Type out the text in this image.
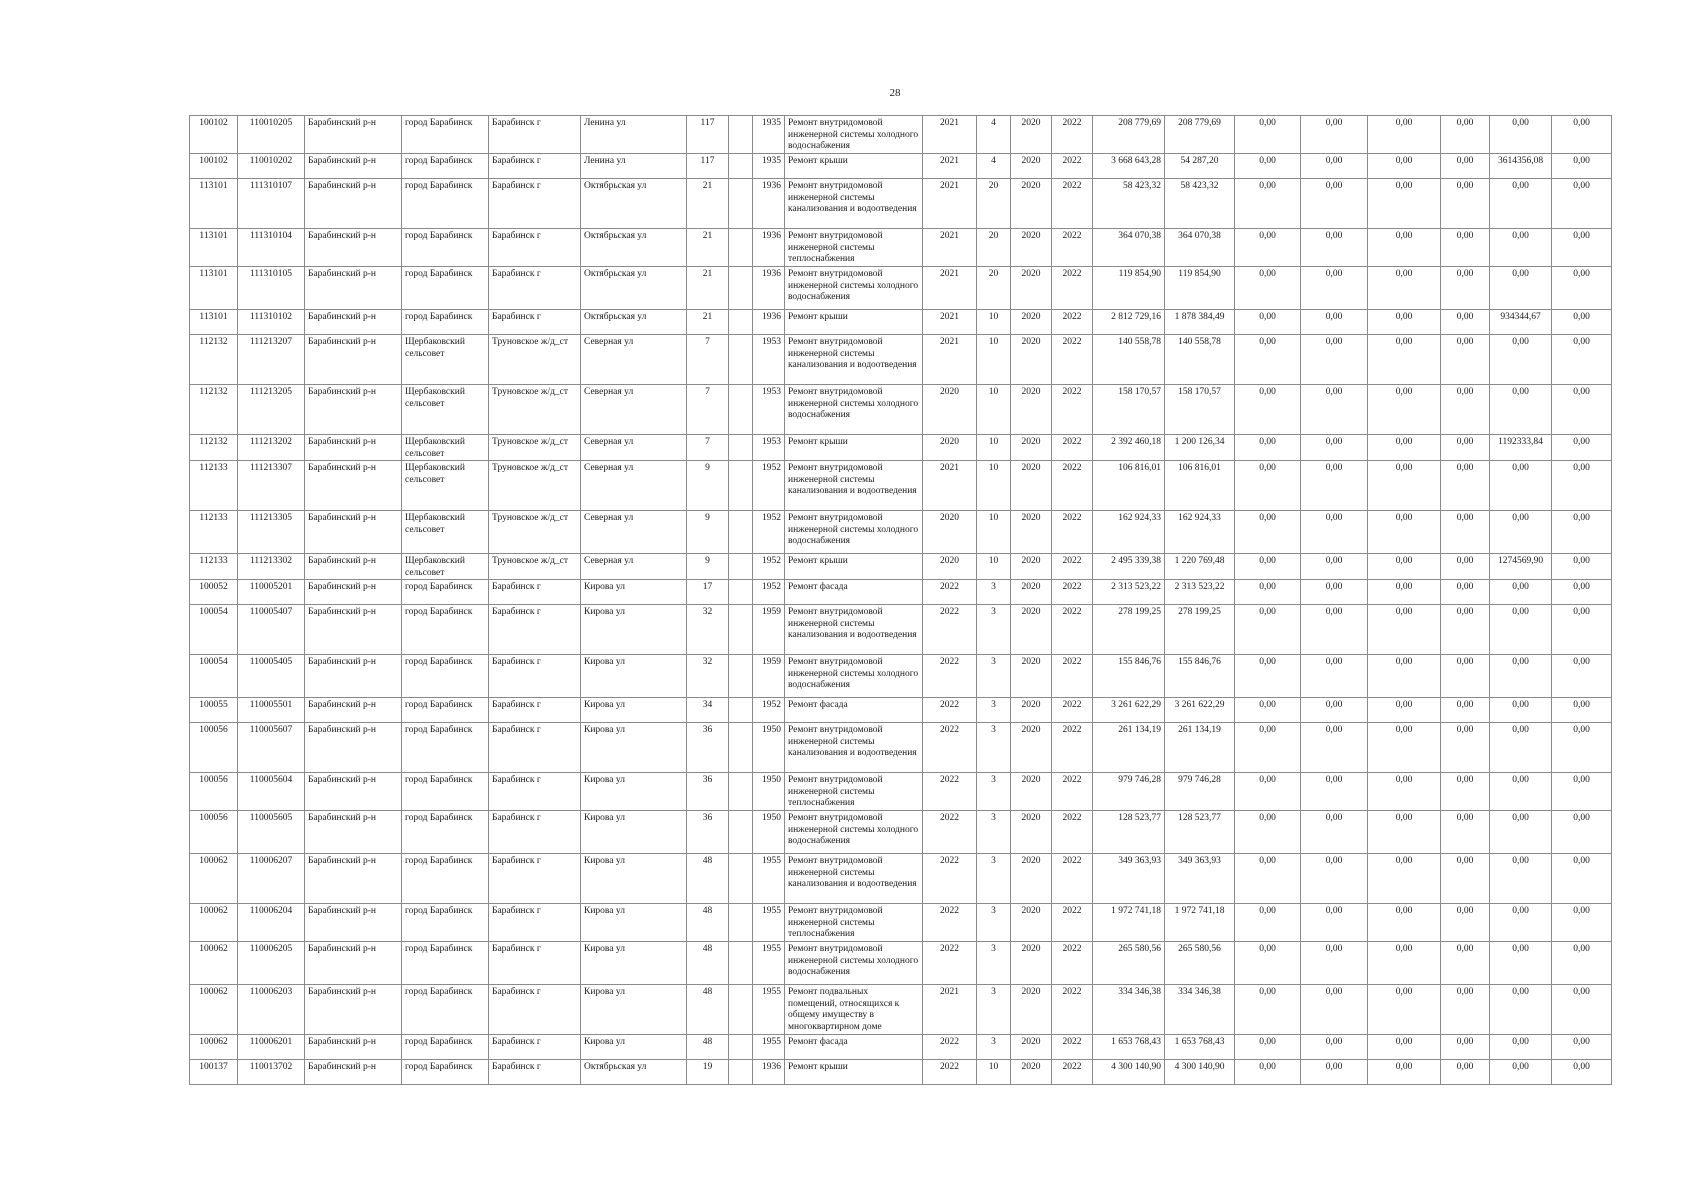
28
100102	110010205	Барабинский р-н	город Барабинск	Барабинск г	Ленина ул	117		1935	Ремонт внутридомовой инженерной системы холодного водоснабжения	2021	4	2020	2022	208 779,69	208 779,69	0,00	0,00	0,00	0,00	0,00	0,00
100102	110010202	Барабинский р-н	город Барабинск	Барабинск г	Ленина ул	117		1935	Ремонт крыши	2021	4	2020	2022	3 668 643,28	54 287,20	0,00	0,00	0,00	0,00	3614356,08	0,00
113101	111310107	Барабинский р-н	город Барабинск	Барабинск г	Октябрьская ул	21		1936	Ремонт внутридомовой инженерной системы канализования и водоотведения	2021	20	2020	2022	58 423,32	58 423,32	0,00	0,00	0,00	0,00	0,00	0,00
113101	111310104	Барабинский р-н	город Барабинск	Барабинск г	Октябрьская ул	21		1936	Ремонт внутридомовой инженерной системы теплоснабжения	2021	20	2020	2022	364 070,38	364 070,38	0,00	0,00	0,00	0,00	0,00	0,00
113101	111310105	Барабинский р-н	город Барабинск	Барабинск г	Октябрьская ул	21		1936	Ремонт внутридомовой инженерной системы холодного водоснабжения	2021	20	2020	2022	119 854,90	119 854,90	0,00	0,00	0,00	0,00	0,00	0,00
113101	111310102	Барабинский р-н	город Барабинск	Барабинск г	Октябрьская ул	21		1936	Ремонт крыши	2021	10	2020	2022	2 812 729,16	1 878 384,49	0,00	0,00	0,00	0,00	934344,67	0,00
112132	111213207	Барабинский р-н	Щербаковский сельсовет	Труновское ж/д_ст	Северная ул	7		1953	Ремонт внутридомовой инженерной системы канализования и водоотведения	2021	10	2020	2022	140 558,78	140 558,78	0,00	0,00	0,00	0,00	0,00	0,00
112132	111213205	Барабинский р-н	Щербаковский сельсовет	Труновское ж/д_ст	Северная ул	7		1953	Ремонт внутридомовой инженерной системы холодного водоснабжения	2020	10	2020	2022	158 170,57	158 170,57	0,00	0,00	0,00	0,00	0,00	0,00
112132	111213202	Барабинский р-н	Щербаковский сельсовет	Труновское ж/д_ст	Северная ул	7		1953	Ремонт крыши	2020	10	2020	2022	2 392 460,18	1 200 126,34	0,00	0,00	0,00	0,00	1192333,84	0,00
112133	111213307	Барабинский р-н	Щербаковский сельсовет	Труновское ж/д_ст	Северная ул	9		1952	Ремонт внутридомовой инженерной системы канализования и водоотведения	2021	10	2020	2022	106 816,01	106 816,01	0,00	0,00	0,00	0,00	0,00	0,00
112133	111213305	Барабинский р-н	Щербаковский сельсовет	Труновское ж/д_ст	Северная ул	9		1952	Ремонт внутридомовой инженерной системы холодного водоснабжения	2020	10	2020	2022	162 924,33	162 924,33	0,00	0,00	0,00	0,00	0,00	0,00
112133	111213302	Барабинский р-н	Щербаковский сельсовет	Труновское ж/д_ст	Северная ул	9		1952	Ремонт крыши	2020	10	2020	2022	2 495 339,38	1 220 769,48	0,00	0,00	0,00	0,00	1274569,90	0,00
100052	110005201	Барабинский р-н	город Барабинск	Барабинск г	Кирова ул	17		1952	Ремонт фасада	2022	3	2020	2022	2 313 523,22	2 313 523,22	0,00	0,00	0,00	0,00	0,00	0,00
100054	110005407	Барабинский р-н	город Барабинск	Барабинск г	Кирова ул	32		1959	Ремонт внутридомовой инженерной системы канализования и водоотведения	2022	3	2020	2022	278 199,25	278 199,25	0,00	0,00	0,00	0,00	0,00	0,00
100054	110005405	Барабинский р-н	город Барабинск	Барабинск г	Кирова ул	32		1959	Ремонт внутридомовой инженерной системы холодного водоснабжения	2022	3	2020	2022	155 846,76	155 846,76	0,00	0,00	0,00	0,00	0,00	0,00
100055	110005501	Барабинский р-н	город Барабинск	Барабинск г	Кирова ул	34		1952	Ремонт фасада	2022	3	2020	2022	3 261 622,29	3 261 622,29	0,00	0,00	0,00	0,00	0,00	0,00
100056	110005607	Барабинский р-н	город Барабинск	Барабинск г	Кирова ул	36		1950	Ремонт внутридомовой инженерной системы канализования и водоотведения	2022	3	2020	2022	261 134,19	261 134,19	0,00	0,00	0,00	0,00	0,00	0,00
100056	110005604	Барабинский р-н	город Барабинск	Барабинск г	Кирова ул	36		1950	Ремонт внутридомовой инженерной системы теплоснабжения	2022	3	2020	2022	979 746,28	979 746,28	0,00	0,00	0,00	0,00	0,00	0,00
100056	110005605	Барабинский р-н	город Барабинск	Барабинск г	Кирова ул	36		1950	Ремонт внутридомовой инженерной системы холодного водоснабжения	2022	3	2020	2022	128 523,77	128 523,77	0,00	0,00	0,00	0,00	0,00	0,00
100062	110006207	Барабинский р-н	город Барабинск	Барабинск г	Кирова ул	48		1955	Ремонт внутридомовой инженерной системы канализования и водоотведения	2022	3	2020	2022	349 363,93	349 363,93	0,00	0,00	0,00	0,00	0,00	0,00
100062	110006204	Барабинский р-н	город Барабинск	Барабинск г	Кирова ул	48		1955	Ремонт внутридомовой инженерной системы теплоснабжения	2022	3	2020	2022	1 972 741,18	1 972 741,18	0,00	0,00	0,00	0,00	0,00	0,00
100062	110006205	Барабинский р-н	город Барабинск	Барабинск г	Кирова ул	48		1955	Ремонт внутридомовой инженерной системы холодного водоснабжения	2022	3	2020	2022	265 580,56	265 580,56	0,00	0,00	0,00	0,00	0,00	0,00
100062	110006203	Барабинский р-н	город Барабинск	Барабинск г	Кирова ул	48		1955	Ремонт подвальных помещений, относящихся к общему имуществу в многоквартирном доме	2021	3	2020	2022	334 346,38	334 346,38	0,00	0,00	0,00	0,00	0,00	0,00
100062	110006201	Барабинский р-н	город Барабинск	Барабинск г	Кирова ул	48		1955	Ремонт фасада	2022	3	2020	2022	1 653 768,43	1 653 768,43	0,00	0,00	0,00	0,00	0,00	0,00
100137	110013702	Барабинский р-н	город Барабинск	Барабинск г	Октябрьская ул	19		1936	Ремонт крыши	2022	10	2020	2022	4 300 140,90	4 300 140,90	0,00	0,00	0,00	0,00	0,00	0,00
